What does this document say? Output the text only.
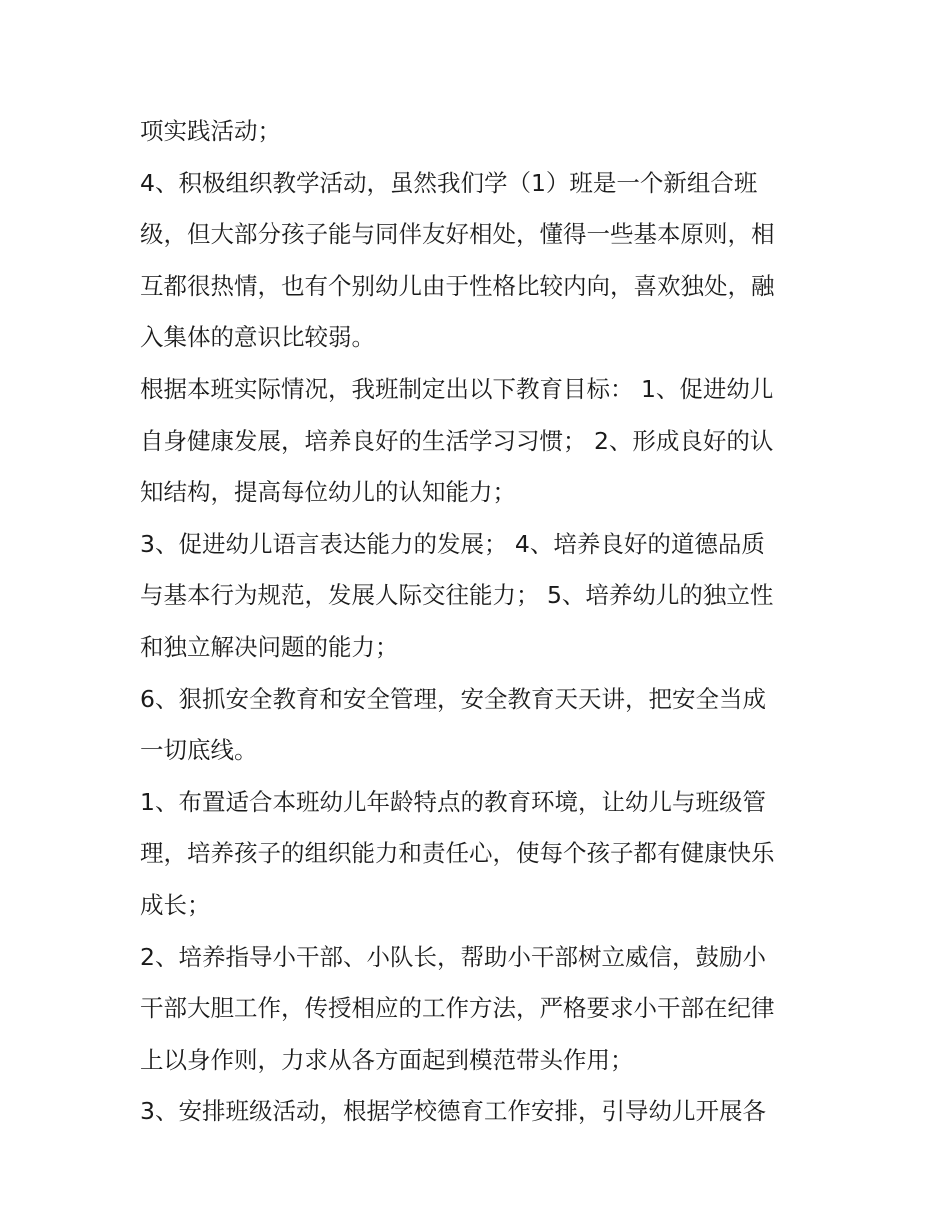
项实践活动；
4、积极组织教学活动，虽然我们学（1）班是一个新组合班
级，但大部分孩子能与同伴友好相处，懂得一些基本原则，相
互都很热情，也有个别幼儿由于性格比较内向，喜欢独处，融
入集体的意识比较弱。
根据本班实际情况，我班制定出以下教育目标： 1、促进幼儿
自身健康发展，培养良好的生活学习习惯； 2、形成良好的认
知结构，提高每位幼儿的认知能力；
3、促进幼儿语言表达能力的发展； 4、培养良好的道德品质
与基本行为规范，发展人际交往能力； 5、培养幼儿的独立性
和独立解决问题的能力；
6、狠抓安全教育和安全管理，安全教育天天讲，把安全当成
一切底线。
1、布置适合本班幼儿年龄特点的教育环境，让幼儿与班级管
理，培养孩子的组织能力和责任心，使每个孩子都有健康快乐
成长；
2、培养指导小干部、小队长，帮助小干部树立威信，鼓励小
干部大胆工作，传授相应的工作方法，严格要求小干部在纪律
上以身作则，力求从各方面起到模范带头作用；
3、安排班级活动，根据学校德育工作安排，引导幼儿开展各
